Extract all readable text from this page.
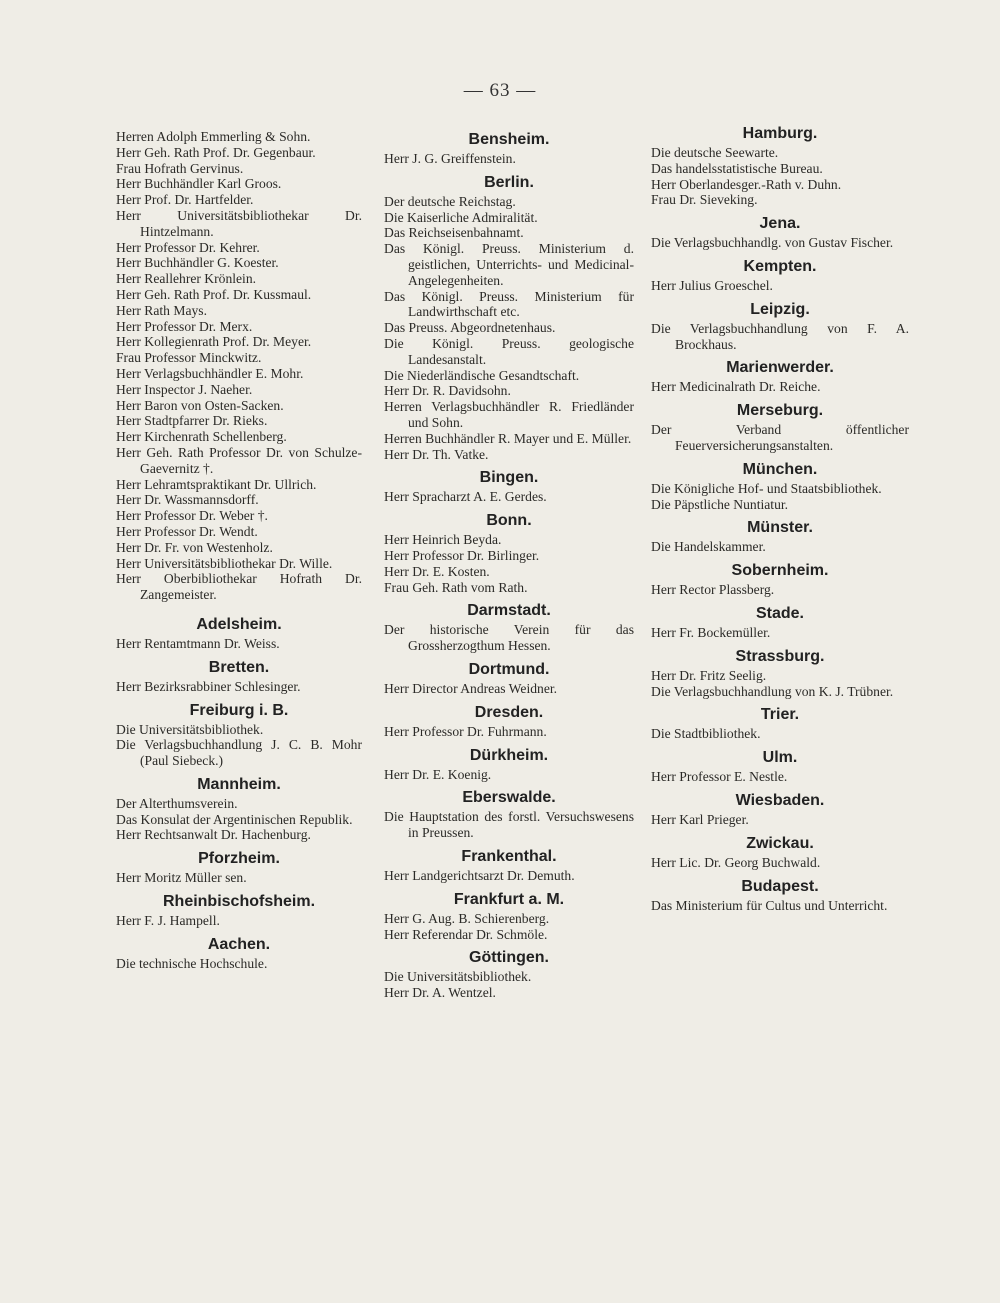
— 63 —
Herren Adolph Emmerling & Sohn.
Herr Geh. Rath Prof. Dr. Gegenbaur.
Frau Hofrath Gervinus.
Herr Buchhändler Karl Groos.
Herr Prof. Dr. Hartfelder.
Herr Universitätsbibliothekar Dr. Hintzelmann.
Herr Professor Dr. Kehrer.
Herr Buchhändler G. Koester.
Herr Reallehrer Krönlein.
Herr Geh. Rath Prof. Dr. Kussmaul.
Herr Rath Mays.
Herr Professor Dr. Merx.
Herr Kollegienrath Prof. Dr. Meyer.
Frau Professor Minckwitz.
Herr Verlagsbuchhändler E. Mohr.
Herr Inspector J. Naeher.
Herr Baron von Osten-Sacken.
Herr Stadtpfarrer Dr. Rieks.
Herr Kirchenrath Schellenberg.
Herr Geh. Rath Professor Dr. von Schulze-Gaevernitz †.
Herr Lehramtspraktikant Dr. Ullrich.
Herr Dr. Wassmannsdorff.
Herr Professor Dr. Weber †.
Herr Professor Dr. Wendt.
Herr Dr. Fr. von Westenholz.
Herr Universitätsbibliothekar Dr. Wille.
Herr Oberbibliothekar Hofrath Dr. Zangemeister.
Adelsheim.
Herr Rentamtmann Dr. Weiss.
Bretten.
Herr Bezirksrabbiner Schlesinger.
Freiburg i. B.
Die Universitätsbibliothek.
Die Verlagsbuchhandlung J. C. B. Mohr (Paul Siebeck.)
Mannheim.
Der Alterthumsverein.
Das Konsulat der Argentinischen Republik.
Herr Rechtsanwalt Dr. Hachenburg.
Pforzheim.
Herr Moritz Müller sen.
Rheinbischofsheim.
Herr F. J. Hampell.
Aachen.
Die technische Hochschule.
Bensheim.
Herr J. G. Greiffenstein.
Berlin.
Der deutsche Reichstag.
Die Kaiserliche Admiralität.
Das Reichseisenbahnamt.
Das Königl. Preuss. Ministerium d. geistlichen, Unterrichts- und Medicinal-Angelegenheiten.
Das Königl. Preuss. Ministerium für Landwirthschaft etc.
Das Preuss. Abgeordnetenhaus.
Die Königl. Preuss. geologische Landesanstalt.
Die Niederländische Gesandtschaft.
Herr Dr. R. Davidsohn.
Herren Verlagsbuchhändler R. Friedländer und Sohn.
Herren Buchhändler R. Mayer und E. Müller.
Herr Dr. Th. Vatke.
Bingen.
Herr Spracharzt A. E. Gerdes.
Bonn.
Herr Heinrich Beyda.
Herr Professor Dr. Birlinger.
Herr Dr. E. Kosten.
Frau Geh. Rath vom Rath.
Darmstadt.
Der historische Verein für das Grossherzogthum Hessen.
Dortmund.
Herr Director Andreas Weidner.
Dresden.
Herr Professor Dr. Fuhrmann.
Dürkheim.
Herr Dr. E. Koenig.
Eberswalde.
Die Hauptstation des forstl. Versuchswesens in Preussen.
Frankenthal.
Herr Landgerichtsarzt Dr. Demuth.
Frankfurt a. M.
Herr G. Aug. B. Schierenberg.
Herr Referendar Dr. Schmöle.
Göttingen.
Die Universitätsbibliothek.
Herr Dr. A. Wentzel.
Hamburg.
Die deutsche Seewarte.
Das handelsstatistische Bureau.
Herr Oberlandesger.-Rath v. Duhn.
Frau Dr. Sieveking.
Jena.
Die Verlagsbuchhandlg. von Gustav Fischer.
Kempten.
Herr Julius Groeschel.
Leipzig.
Die Verlagsbuchhandlung von F. A. Brockhaus.
Marienwerder.
Herr Medicinalrath Dr. Reiche.
Merseburg.
Der Verband öffentlicher Feuerversicherungsanstalten.
München.
Die Königliche Hof- und Staatsbibliothek.
Die Päpstliche Nuntiatur.
Münster.
Die Handelskammer.
Sobernheim.
Herr Rector Plassberg.
Stade.
Herr Fr. Bockemüller.
Strassburg.
Herr Dr. Fritz Seelig.
Die Verlagsbuchhandlung von K. J. Trübner.
Trier.
Die Stadtbibliothek.
Ulm.
Herr Professor E. Nestle.
Wiesbaden.
Herr Karl Prieger.
Zwickau.
Herr Lic. Dr. Georg Buchwald.
Budapest.
Das Ministerium für Cultus und Unterricht.
